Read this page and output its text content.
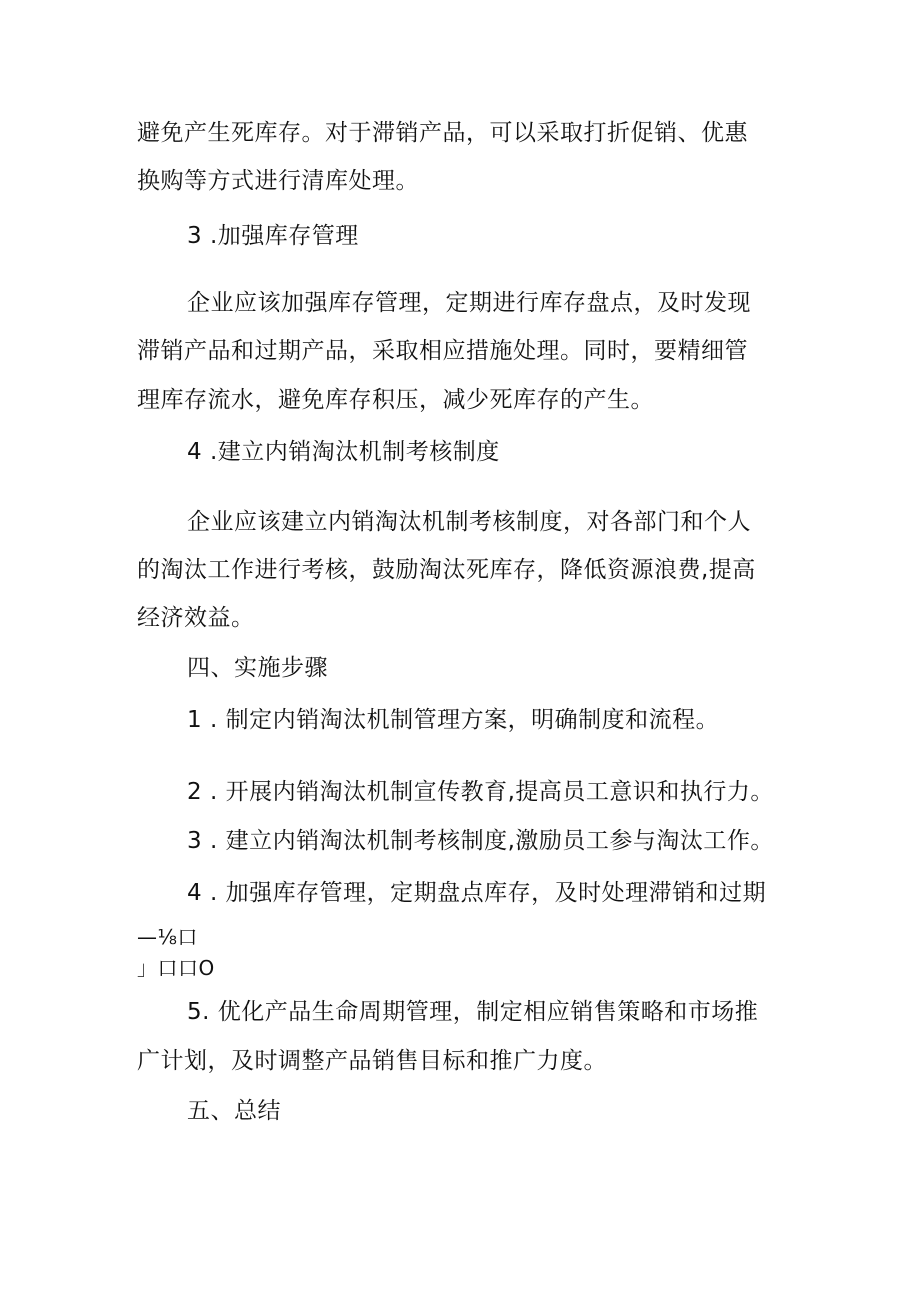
避免产生死库存。对于滞销产品，可以采取打折促销、优惠

换购等方式进行清库处理。

3 .加强库存管理
企业应该加强库存管理，定期进行库存盘点，及时发现
滞销产品和过期产品，采取相应措施处理。同时，要精细管
理库存流水，避免库存积压，减少死库存的产生。
4 .建立内销淘汰机制考核制度
企业应该建立内销淘汰机制考核制度，对各部门和个人
的淘汰工作进行考核，鼓励淘汰死库存，降低资源浪费,提高
经济效益。
四、实施步骤
1 . 制定内销淘汰机制管理方案，明确制度和流程。
2 . 开展内销淘汰机制宣传教育,提高员工意识和执行力。
3 . 建立内销淘汰机制考核制度,激励员工参与淘汰工作。
4 . 加强库存管理，定期盘点库存，及时处理滞销和过期
—⅛口
」口口O
5. 优化产品生命周期管理，制定相应销售策略和市场推
广计划，及时调整产品销售目标和推广力度。
五、总结
